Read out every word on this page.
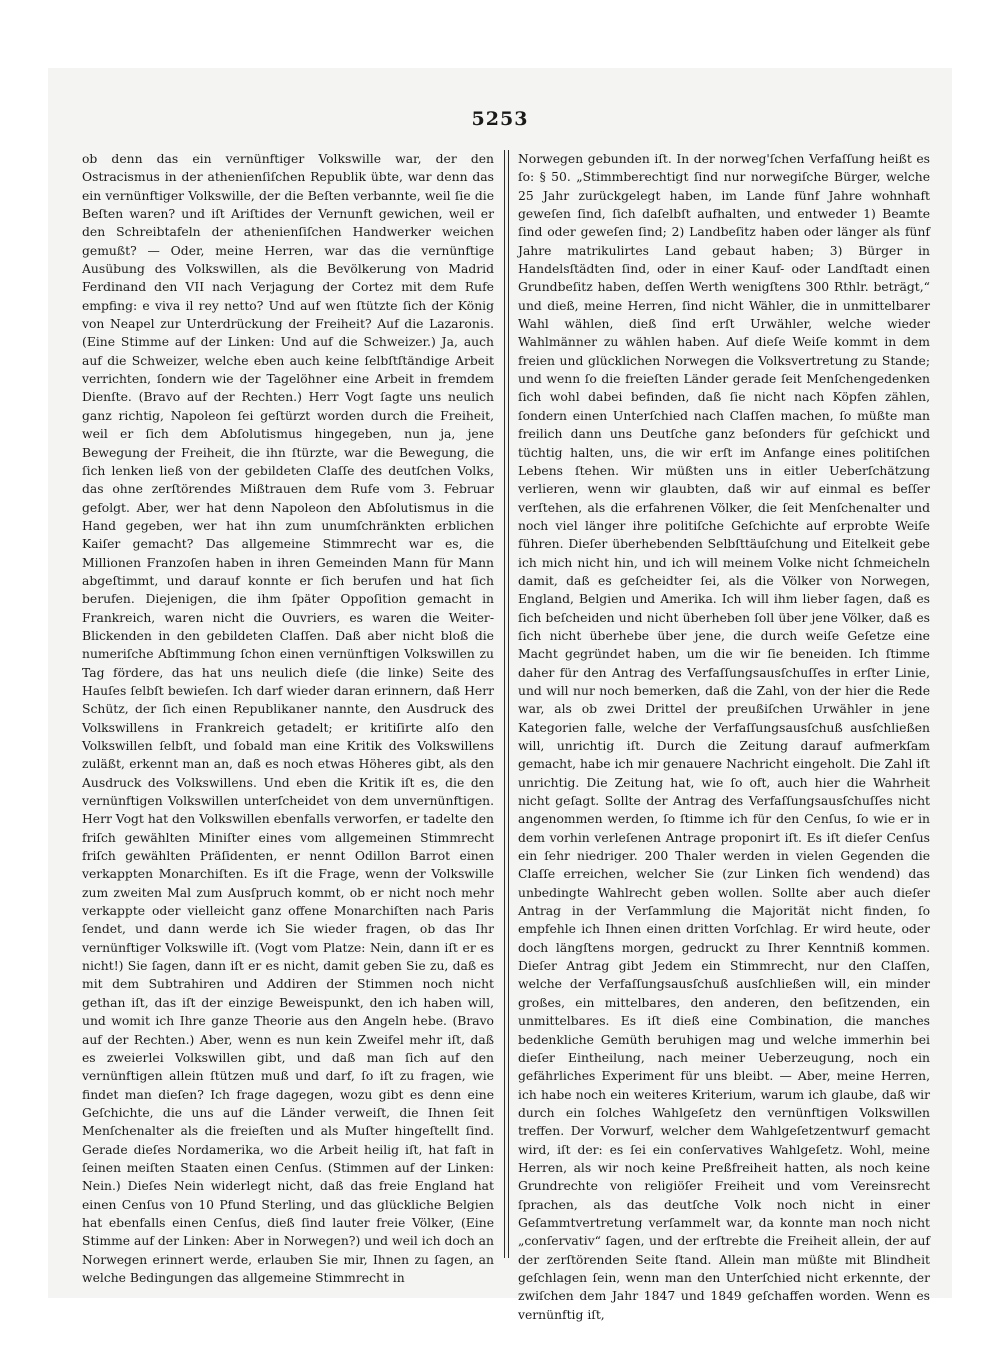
5253
ob denn das ein vernünftiger Volkswille war, der den Ostracismus in der athenienſiſchen Republik übte, war denn das ein vernünftiger Volkswille, der die Beſten verbannte, weil ſie die Beſten waren? und iſt Ariſtides der Vernunft gewichen, weil er den Schreibtafeln der athenienſiſchen Handwerker weichen gemußt? — Oder, meine Herren, war das die vernünftige Ausübung des Volkswillen, als die Bevölkerung von Madrid Ferdinand den VII nach Verjagung der Cortez mit dem Rufe empfing: e viva il rey netto? Und auf wen ſtützte ſich der König von Neapel zur Unterdrückung der Freiheit? Auf die Lazaronis. (Eine Stimme auf der Linken: Und auf die Schweizer.) Ja, auch auf die Schweizer, welche eben auch keine ſelbſtſtändige Arbeit verrichten, ſondern wie der Tagelöhner eine Arbeit in fremdem Dienſte. (Bravo auf der Rechten.) Herr Vogt ſagte uns neulich ganz richtig, Napoleon ſei geſtürzt worden durch die Freiheit, weil er ſich dem Abſolutismus hingegeben, nun ja, jene Bewegung der Freiheit, die ihn ſtürzte, war die Bewegung, die ſich lenken ließ von der gebildeten Claſſe des deutſchen Volks, das ohne zerſtörendes Mißtrauen dem Rufe vom 3. Februar gefolgt. Aber, wer hat denn Napoleon den Abſolutismus in die Hand gegeben, wer hat ihn zum unumſchränkten erblichen Kaiſer gemacht? Das allgemeine Stimmrecht war es, die Millionen Franzoſen haben in ihren Gemeinden Mann für Mann abgeſtimmt, und darauf konnte er ſich berufen und hat ſich berufen. Diejenigen, die ihm ſpäter Oppoſition gemacht in Frankreich, waren nicht die Ouvriers, es waren die Weiter-Blickenden in den gebildeten Claſſen. Daß aber nicht bloß die numeriſche Abſtimmung ſchon einen vernünftigen Volkswillen zu Tag fördere, das hat uns neulich dieſe (die linke) Seite des Hauſes ſelbſt bewieſen. Ich darf wieder daran erinnern, daß Herr Schütz, der ſich einen Republikaner nannte, den Ausdruck des Volkswillens in Frankreich getadelt; er kritiſirte alſo den Volkswillen ſelbſt, und ſobald man eine Kritik des Volkswillens zuläßt, erkennt man an, daß es noch etwas Höheres gibt, als den Ausdruck des Volkswillens. Und eben die Kritik iſt es, die den vernünftigen Volkswillen unterſcheidet von dem unvernünftigen. Herr Vogt hat den Volkswillen ebenfalls verworfen, er tadelte den friſch gewählten Miniſter eines vom allgemeinen Stimmrecht friſch gewählten Präſidenten, er nennt Odillon Barrot einen verkappten Monarchiſten. Es iſt die Frage, wenn der Volkswille zum zweiten Mal zum Ausſpruch kommt, ob er nicht noch mehr verkappte oder vielleicht ganz offene Monarchiſten nach Paris ſendet, und dann werde ich Sie wieder fragen, ob das Ihr vernünftiger Volkswille iſt. (Vogt vom Platze: Nein, dann iſt er es nicht!) Sie ſagen, dann iſt er es nicht, damit geben Sie zu, daß es mit dem Subtrahiren und Addiren der Stimmen noch nicht gethan iſt, das iſt der einzige Beweispunkt, den ich haben will, und womit ich Ihre ganze Theorie aus den Angeln hebe. (Bravo auf der Rechten.) Aber, wenn es nun kein Zweifel mehr iſt, daß es zweierlei Volkswillen gibt, und daß man ſich auf den vernünftigen allein ſtützen muß und darf, ſo iſt zu fragen, wie findet man dieſen? Ich frage dagegen, wozu gibt es denn eine Geſchichte, die uns auf die Länder verweiſt, die Ihnen ſeit Menſchenalter als die freieſten und als Muſter hingeſtellt ſind. Gerade dieſes Nordamerika, wo die Arbeit heilig iſt, hat faſt in ſeinen meiſten Staaten einen Cenſus. (Stimmen auf der Linken: Nein.) Dieſes Nein widerlegt nicht, daß das freie England hat einen Cenſus von 10 Pfund Sterling, und das glückliche Belgien hat ebenfalls einen Cenſus, dieß ſind lauter freie Völker, (Eine Stimme auf der Linken: Aber in Norwegen?) und weil ich doch an Norwegen erinnert werde, erlauben Sie mir, Ihnen zu ſagen, an welche Bedingungen das allgemeine Stimmrecht in
Norwegen gebunden iſt. In der norweg'ſchen Verfaſſung heißt es ſo: § 50. „Stimmberechtigt ſind nur norwegiſche Bürger, welche 25 Jahr zurückgelegt haben, im Lande fünf Jahre wohnhaft geweſen ſind, ſich daſelbſt aufhalten, und entweder 1) Beamte ſind oder geweſen ſind; 2) Landbeſitz haben oder länger als fünf Jahre matrikulirtes Land gebaut haben; 3) Bürger in Handelsſtädten ſind, oder in einer Kauf- oder Landſtadt einen Grundbeſitz haben, deſſen Werth wenigſtens 300 Rthlr. beträgt,“ und dieß, meine Herren, ſind nicht Wähler, die in unmittelbarer Wahl wählen, dieß ſind erſt Urwähler, welche wieder Wahlmänner zu wählen haben. Auf dieſe Weiſe kommt in dem freien und glücklichen Norwegen die Volksvertretung zu Stande; und wenn ſo die freieſten Länder gerade ſeit Menſchengedenken ſich wohl dabei befinden, daß ſie nicht nach Köpfen zählen, ſondern einen Unterſchied nach Claſſen machen, ſo müßte man freilich dann uns Deutſche ganz beſonders für geſchickt und tüchtig halten, uns, die wir erſt im Anfange eines politiſchen Lebens ſtehen. Wir müßten uns in eitler Ueberſchätzung verlieren, wenn wir glaubten, daß wir auf einmal es beſſer verſtehen, als die erfahrenen Völker, die ſeit Menſchenalter und noch viel länger ihre politiſche Geſchichte auf erprobte Weiſe führen. Dieſer überhebenden Selbſttäuſchung und Eitelkeit gebe ich mich nicht hin, und ich will meinem Volke nicht ſchmeicheln damit, daß es geſcheidter ſei, als die Völker von Norwegen, England, Belgien und Amerika. Ich will ihm lieber ſagen, daß es ſich beſcheiden und nicht überheben ſoll über jene Völker, daß es ſich nicht überhebe über jene, die durch weiſe Geſetze eine Macht gegründet haben, um die wir ſie beneiden. Ich ſtimme daher für den Antrag des Verfaſſungsausſchuſſes in erſter Linie, und will nur noch bemerken, daß die Zahl, von der hier die Rede war, als ob zwei Drittel der preußiſchen Urwähler in jene Kategorien falle, welche der Verfaſſungsausſchuß ausſchließen will, unrichtig iſt. Durch die Zeitung darauf aufmerkſam gemacht, habe ich mir genauere Nachricht eingeholt. Die Zahl iſt unrichtig. Die Zeitung hat, wie ſo oft, auch hier die Wahrheit nicht geſagt. Sollte der Antrag des Verfaſſungsausſchuſſes nicht angenommen werden, ſo ſtimme ich für den Cenſus, ſo wie er in dem vorhin verleſenen Antrage proponirt iſt. Es iſt dieſer Cenſus ein ſehr niedriger. 200 Thaler werden in vielen Gegenden die Claſſe erreichen, welcher Sie (zur Linken ſich wendend) das unbedingte Wahlrecht geben wollen. Sollte aber auch dieſer Antrag in der Verſammlung die Majorität nicht finden, ſo empfehle ich Ihnen einen dritten Vorſchlag. Er wird heute, oder doch längſtens morgen, gedruckt zu Ihrer Kenntniß kommen. Dieſer Antrag gibt Jedem ein Stimmrecht, nur den Claſſen, welche der Verfaſſungsausſchuß ausſchließen will, ein minder großes, ein mittelbares, den anderen, den beſitzenden, ein unmittelbares. Es iſt dieß eine Combination, die manches bedenkliche Gemüth beruhigen mag und welche immerhin bei dieſer Eintheilung, nach meiner Ueberzeugung, noch ein gefährliches Experiment für uns bleibt. — Aber, meine Herren, ich habe noch ein weiteres Kriterium, warum ich glaube, daß wir durch ein ſolches Wahlgeſetz den vernünftigen Volkswillen treffen. Der Vorwurf, welcher dem Wahlgeſetzentwurf gemacht wird, iſt der: es ſei ein conſervatives Wahlgeſetz. Wohl, meine Herren, als wir noch keine Preßfreiheit hatten, als noch keine Grundrechte von religiöſer Freiheit und vom Vereinsrecht ſprachen, als das deutſche Volk noch nicht in einer Geſammtvertretung verſammelt war, da konnte man noch nicht „conſervativ“ ſagen, und der erſtrebte die Freiheit allein, der auf der zerſtörenden Seite ſtand. Allein man müßte mit Blindheit geſchlagen ſein, wenn man den Unterſchied nicht erkennte, der zwiſchen dem Jahr 1847 und 1849 geſchaffen worden. Wenn es vernünftig iſt,
